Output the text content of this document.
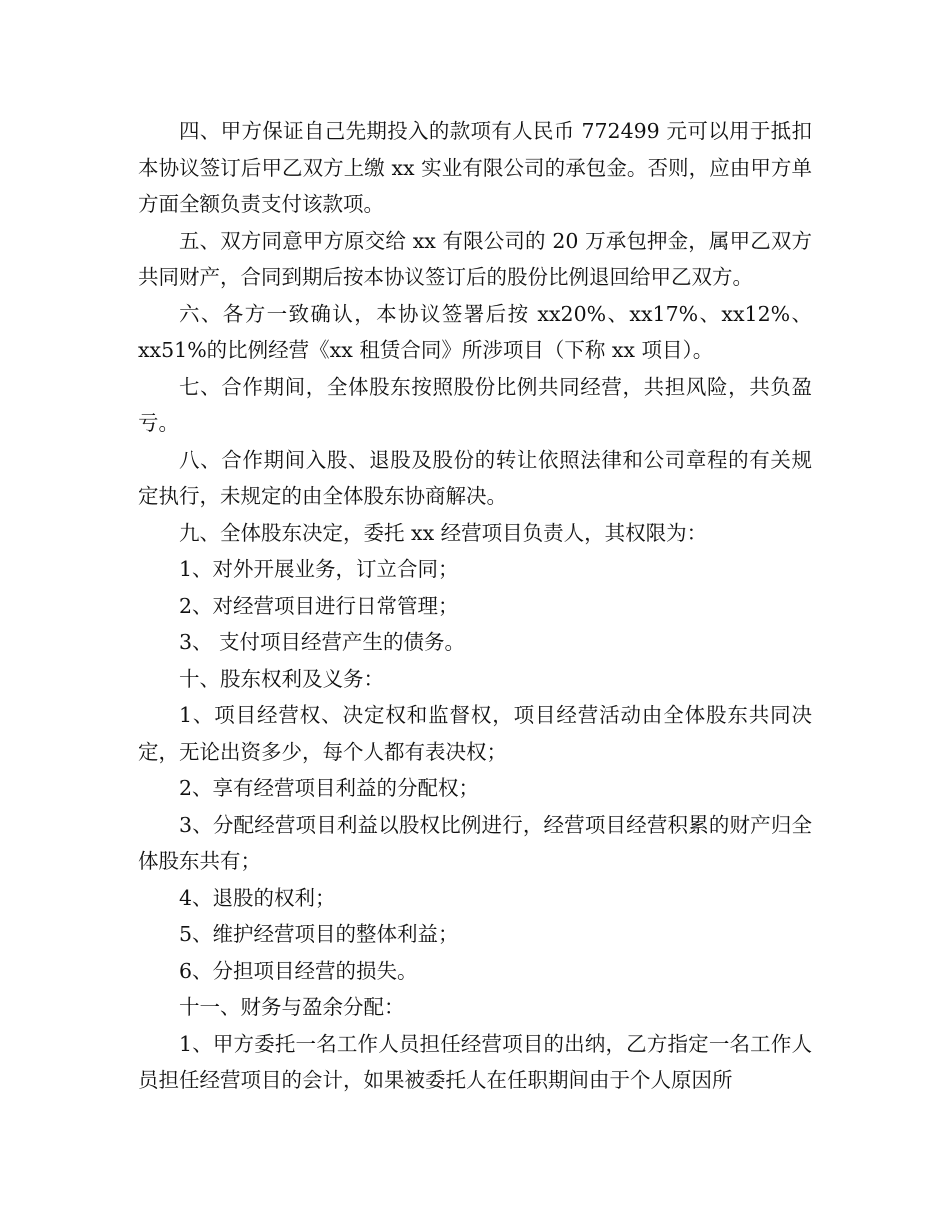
四、甲方保证自己先期投入的款项有人民币 772499 元可以用于抵扣本协议签订后甲乙双方上缴 xx 实业有限公司的承包金。否则，应由甲方单方面全额负责支付该款项。

五、双方同意甲方原交给 xx 有限公司的 20 万承包押金，属甲乙双方共同财产，合同到期后按本协议签订后的股份比例退回给甲乙双方。

六、各方一致确认，本协议签署后按 xx20%、xx17%、xx12%、xx51%的比例经营《xx 租赁合同》所涉项目（下称 xx 项目）。

七、合作期间，全体股东按照股份比例共同经营，共担风险，共负盈亏。

八、合作期间入股、退股及股份的转让依照法律和公司章程的有关规定执行，未规定的由全体股东协商解决。

九、全体股东决定，委托 xx 经营项目负责人，其权限为：

1、对外开展业务，订立合同；

2、对经营项目进行日常管理；

3、 支付项目经营产生的债务。

十、股东权利及义务：

1、项目经营权、决定权和监督权，项目经营活动由全体股东共同决定，无论出资多少，每个人都有表决权；

2、享有经营项目利益的分配权；

3、分配经营项目利益以股权比例进行，经营项目经营积累的财产归全体股东共有；

4、退股的权利；

5、维护经营项目的整体利益；

6、分担项目经营的损失。

十一、财务与盈余分配：

1、甲方委托一名工作人员担任经营项目的出纳，乙方指定一名工作人员担任经营项目的会计，如果被委托人在任职期间由于个人原因所
